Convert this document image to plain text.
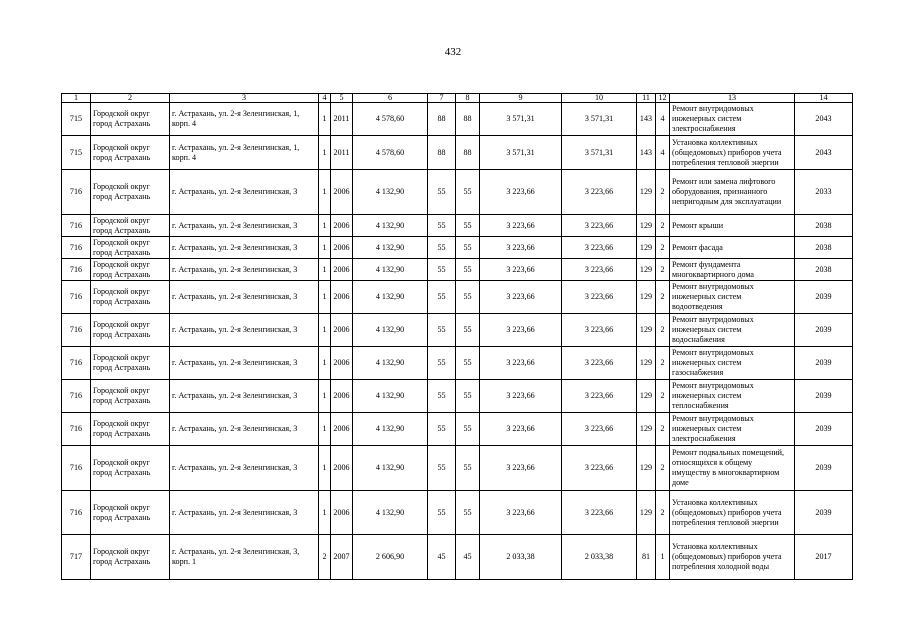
432
1	2	3	4	5	6	7	8	9	10	11	12	13	14
715	Городской округ город Астрахань	г. Астрахань, ул. 2-я Зеленгинская, 1, корп. 4	1	2011	4 578,60	88	88	3 571,31	3 571,31	143	4	Ремонт внутридомовых инженерных систем электроснабжения	2043
715	Городской округ город Астрахань	г. Астрахань, ул. 2-я Зеленгинская, 1, корп. 4	1	2011	4 578,60	88	88	3 571,31	3 571,31	143	4	Установка коллективных (общедомовых) приборов учета потребления тепловой энергии	2043
716	Городской округ город Астрахань	г. Астрахань, ул. 2-я Зеленгинская, 3	1	2006	4 132,90	55	55	3 223,66	3 223,66	129	2	Ремонт или замена лифтового оборудования, признанного непригодным для эксплуатации	2033
716	Городской округ город Астрахань	г. Астрахань, ул. 2-я Зеленгинская, 3	1	2006	4 132,90	55	55	3 223,66	3 223,66	129	2	Ремонт крыши	2038
716	Городской округ город Астрахань	г. Астрахань, ул. 2-я Зеленгинская, 3	1	2006	4 132,90	55	55	3 223,66	3 223,66	129	2	Ремонт фасада	2038
716	Городской округ город Астрахань	г. Астрахань, ул. 2-я Зеленгинская, 3	1	2006	4 132,90	55	55	3 223,66	3 223,66	129	2	Ремонт фундамента многоквартирного дома	2038
716	Городской округ город Астрахань	г. Астрахань, ул. 2-я Зеленгинская, 3	1	2006	4 132,90	55	55	3 223,66	3 223,66	129	2	Ремонт внутридомовых инженерных систем водоотведения	2039
716	Городской округ город Астрахань	г. Астрахань, ул. 2-я Зеленгинская, 3	1	2006	4 132,90	55	55	3 223,66	3 223,66	129	2	Ремонт внутридомовых инженерных систем водоснабжения	2039
716	Городской округ город Астрахань	г. Астрахань, ул. 2-я Зеленгинская, 3	1	2006	4 132,90	55	55	3 223,66	3 223,66	129	2	Ремонт внутридомовых инженерных систем газоснабжения	2039
716	Городской округ город Астрахань	г. Астрахань, ул. 2-я Зеленгинская, 3	1	2006	4 132,90	55	55	3 223,66	3 223,66	129	2	Ремонт внутридомовых инженерных систем теплоснабжения	2039
716	Городской округ город Астрахань	г. Астрахань, ул. 2-я Зеленгинская, 3	1	2006	4 132,90	55	55	3 223,66	3 223,66	129	2	Ремонт внутридомовых инженерных систем электроснабжения	2039
716	Городской округ город Астрахань	г. Астрахань, ул. 2-я Зеленгинская, 3	1	2006	4 132,90	55	55	3 223,66	3 223,66	129	2	Ремонт подвальных помещений, относящихся к общему имуществу в многоквартирном доме	2039
716	Городской округ город Астрахань	г. Астрахань, ул. 2-я Зеленгинская, 3	1	2006	4 132,90	55	55	3 223,66	3 223,66	129	2	Установка коллективных (общедомовых) приборов учета потребления тепловой энергии	2039
717	Городской округ город Астрахань	г. Астрахань, ул. 2-я Зеленгинская, 3, корп. 1	2	2007	2 606,90	45	45	2 033,38	2 033,38	81	1	Установка коллективных (общедомовых) приборов учета потребления холодной воды	2017
